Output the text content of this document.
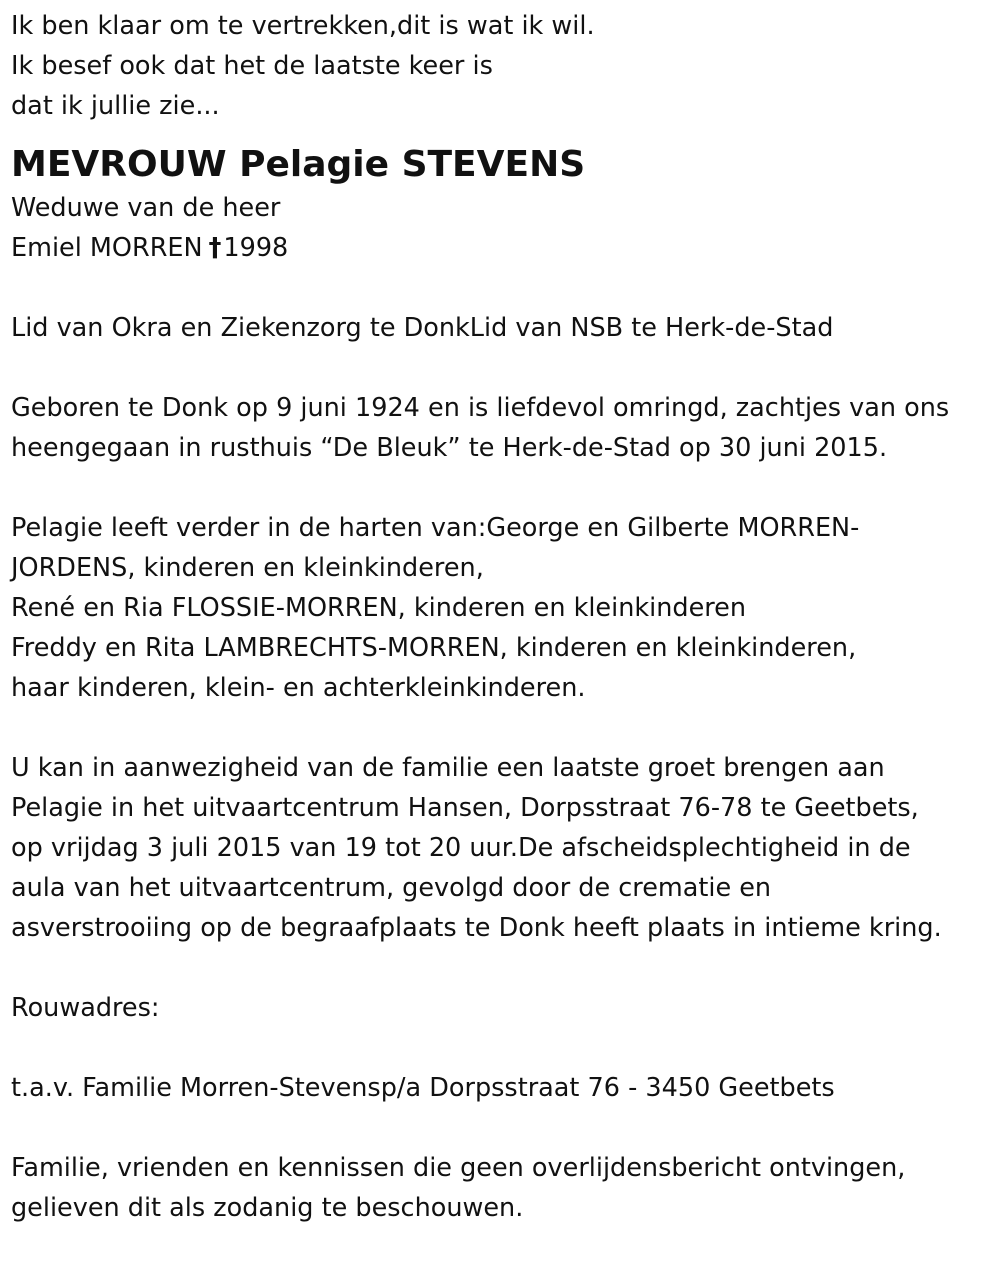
Ik ben klaar om te vertrekken,dit is wat ik wil.
Ik besef ook dat het de laatste keer is
dat ik jullie zie...
MEVROUW Pelagie STEVENS
Weduwe van de heer
Emiel MORREN †1998
Lid van Okra en Ziekenzorg te DonkLid van NSB te Herk-de-Stad
Geboren te Donk op 9 juni 1924 en is liefdevol omringd, zachtjes van ons
heengegaan in rusthuis “De Bleuk” te Herk-de-Stad op 30 juni 2015.
Pelagie leeft verder in de harten van:George en Gilberte MORREN-
JORDENS, kinderen en kleinkinderen,
René en Ria FLOSSIE-MORREN, kinderen en kleinkinderen
Freddy en Rita LAMBRECHTS-MORREN, kinderen en kleinkinderen,
haar kinderen, klein- en achterkleinkinderen.
U kan in aanwezigheid van de familie een laatste groet brengen aan
Pelagie in het uitvaartcentrum Hansen, Dorpsstraat 76-78 te Geetbets,
op vrijdag 3 juli 2015 van 19 tot 20 uur.De afscheidsplechtigheid in de
aula van het uitvaartcentrum, gevolgd door de crematie en
asverstrooiing op de begraafplaats te Donk heeft plaats in intieme kring.
Rouwadres:
t.a.v. Familie Morren-Stevensp/a Dorpsstraat 76 - 3450 Geetbets
Familie, vrienden en kennissen die geen overlijdensbericht ontvingen,
gelieven dit als zodanig te beschouwen.
